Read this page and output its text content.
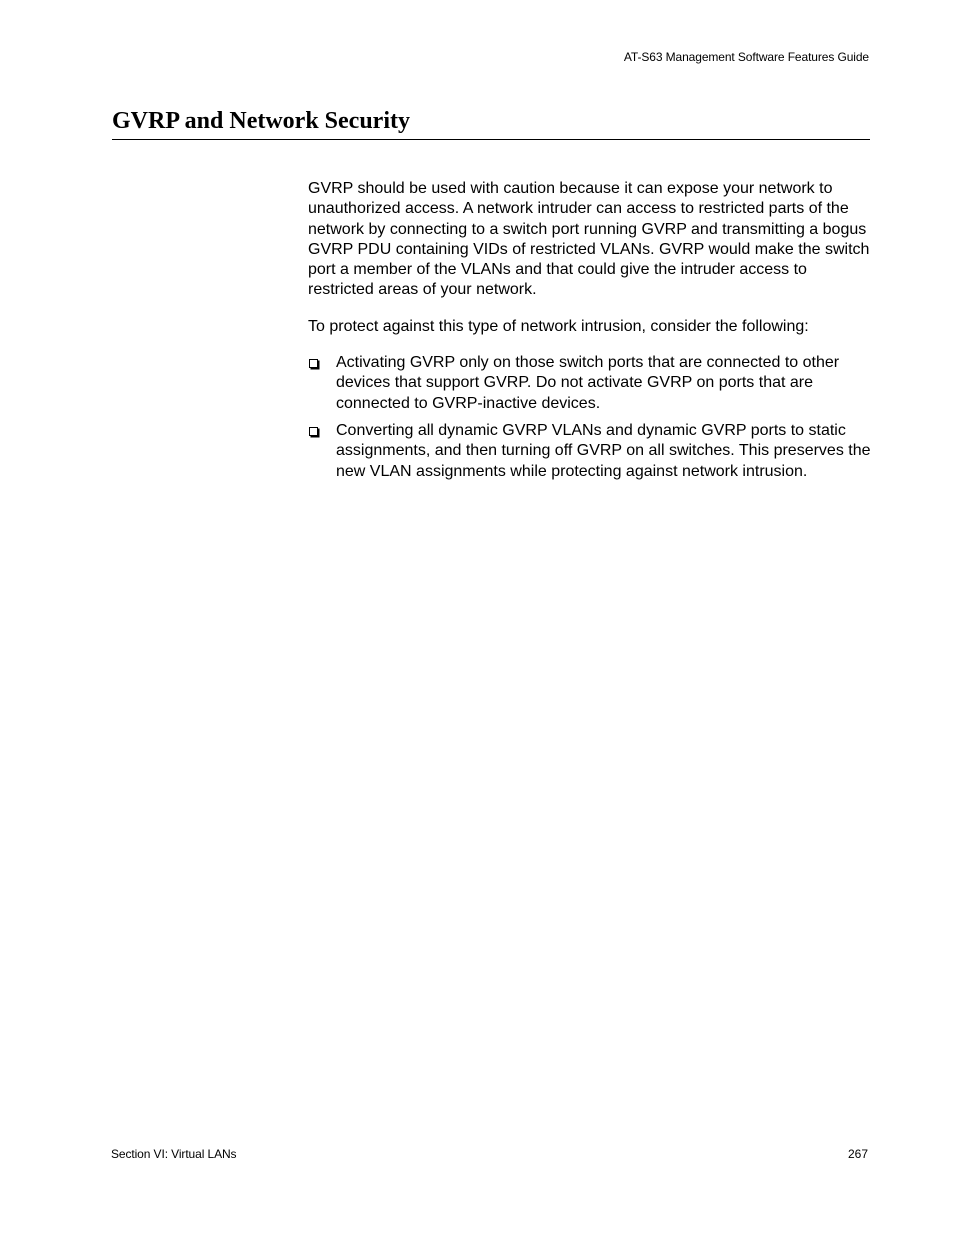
AT-S63 Management Software Features Guide
GVRP and Network Security

GVRP should be used with caution because it can expose your network to unauthorized access. A network intruder can access to restricted parts of the network by connecting to a switch port running GVRP and transmitting a bogus GVRP PDU containing VIDs of restricted VLANs. GVRP would make the switch port a member of the VLANs and that could give the intruder access to restricted areas of your network.

To protect against this type of network intrusion, consider the following:

Activating GVRP only on those switch ports that are connected to other devices that support GVRP. Do not activate GVRP on ports that are connected to GVRP-inactive devices.
Converting all dynamic GVRP VLANs and dynamic GVRP ports to static assignments, and then turning off GVRP on all switches. This preserves the new VLAN assignments while protecting against network intrusion.
Section VI: Virtual LANs	267
